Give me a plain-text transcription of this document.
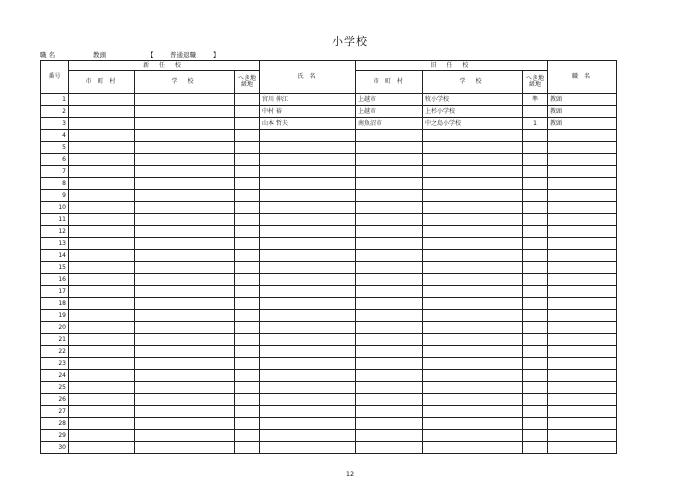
小学校
職 名	教頭	【	普通退職	】
番号	新 任 校			氏 名	旧 任 校			職 名
	市 町 村	学 校	へき地級地		市 町 村	学 校	へき地級地	
1				宮川 伸江	上越市	牧小学校	準	教頭
2				中村 裕	上越市	上杉小学校		教頭
3				山本 哲夫	南魚沼市	中之島小学校	1	教頭
4								
5								
6								
7								
8								
9								
10								
11								
12								
13								
14								
15								
16								
17								
18								
19								
20								
21								
22								
23								
24								
25								
26								
27								
28								
29								
30								
12
